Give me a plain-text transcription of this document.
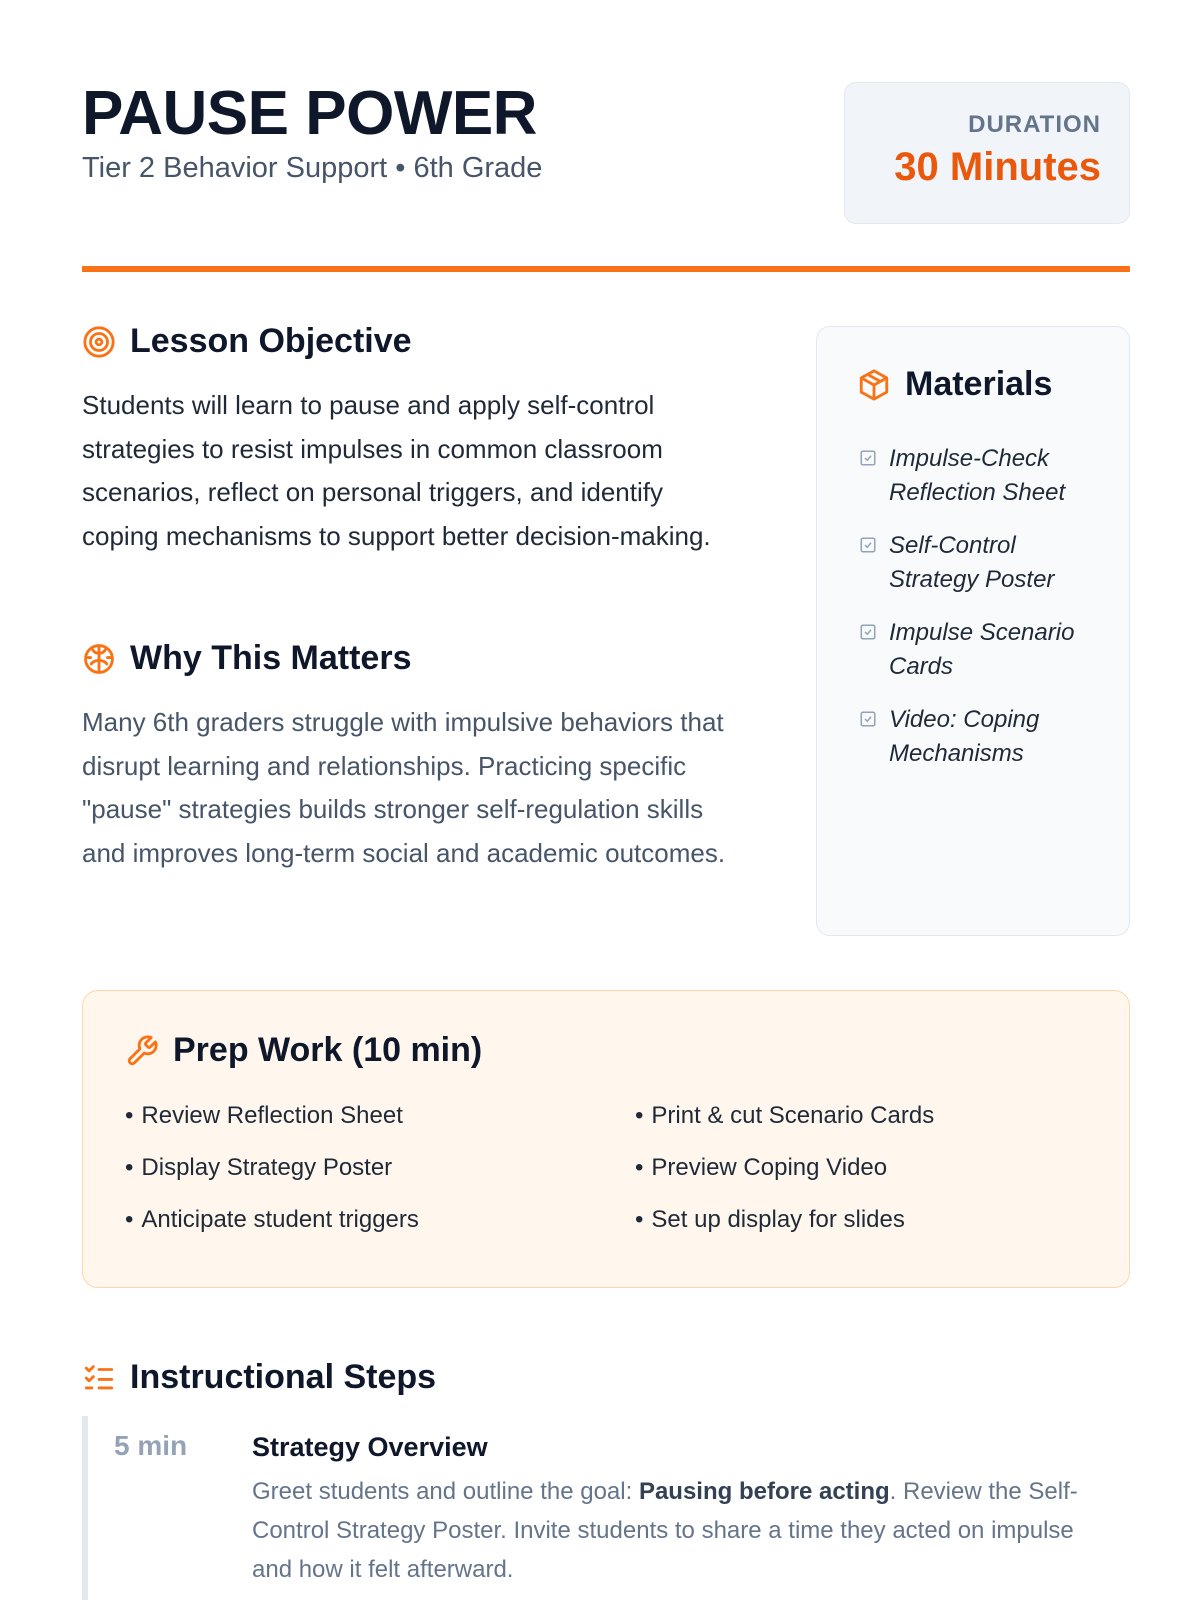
PAUSE POWER
Tier 2 Behavior Support • 6th Grade
DURATION
30 Minutes
Lesson Objective

Students will learn to pause and apply self-control strategies to resist impulses in common classroom scenarios, reflect on personal triggers, and identify coping mechanisms to support better decision-making.

Why This Matters

Many 6th graders struggle with impulsive behaviors that disrupt learning and relationships. Practicing specific "pause" strategies builds stronger self-regulation skills and improves long-term social and academic outcomes.

Materials
Impulse-Check Reflection Sheet
Self-Control Strategy Poster
Impulse Scenario Cards
Video: Coping Mechanisms
Prep Work (10 min)
• Review Reflection Sheet
• Display Strategy Poster
• Anticipate student triggers
• Print & cut Scenario Cards
• Preview Coping Video
• Set up display for slides
Instructional Steps
5 min Strategy Overview
Greet students and outline the goal: Pausing before acting. Review the Self-Control Strategy Poster. Invite students to share a time they acted on impulse and how it felt afterward.
